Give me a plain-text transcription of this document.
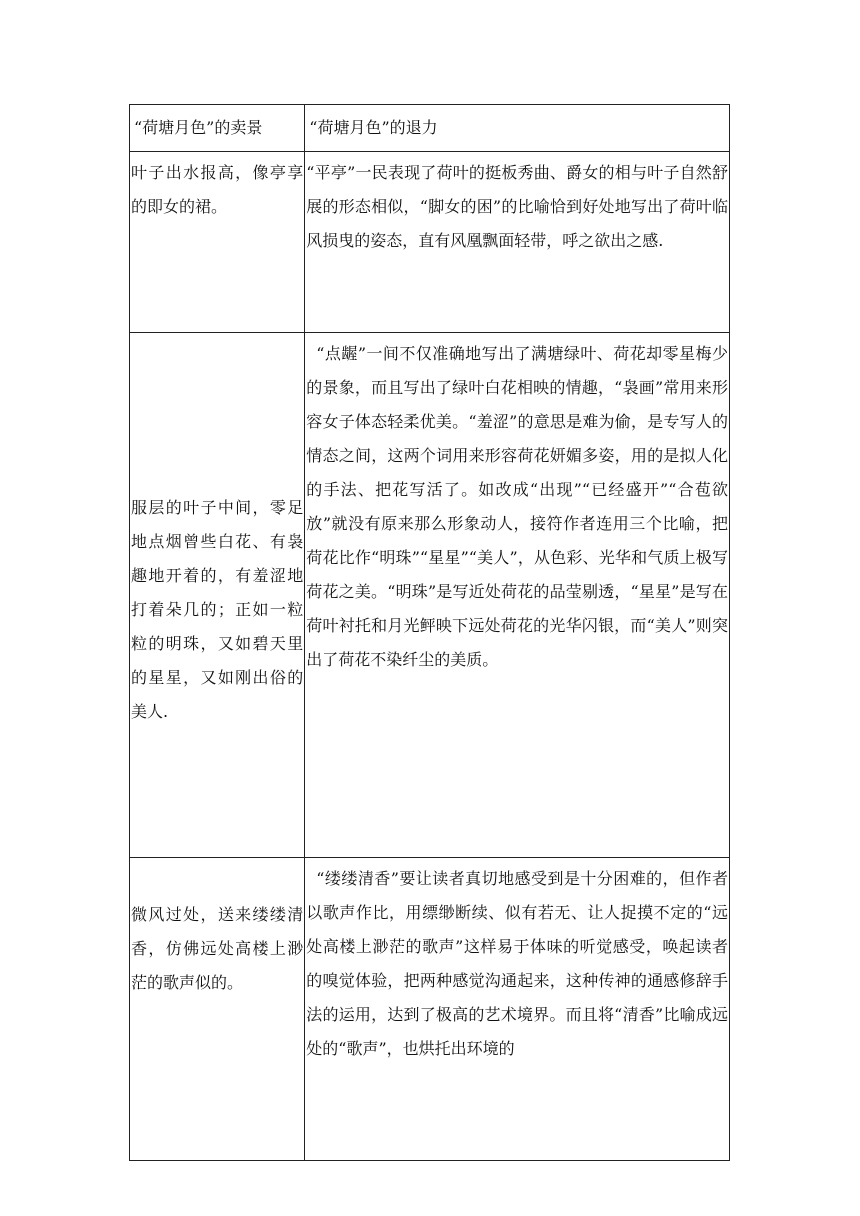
“荷塘月色”的卖景	“荷塘月色”的退力

叶子出水报高，像亭享的即女的裙。	“平亭”一民表现了荷叶的挺板秀曲、爵女的相与叶子自然舒展的形态相似，“脚女的困”的比喻恰到好处地写出了荷叶临风损曳的姿态，直有风凰飘面轻带，呼之欲出之感.

服层的叶子中间，零足地点烟曾些白花、有袅趣地开着的，有羞涩地打着朵几的；正如一粒粒的明珠，又如碧天里的星星，又如刚出俗的美人.	“点龌”一间不仅准确地写出了满塘绿叶、荷花却零星梅少的景象，而且写出了绿叶白花相映的情趣，“袅画”常用来形容女子体态轻柔优美。“羞涩”的意思是难为偷，是专写人的情态之间，这两个词用来形容荷花妍媚多姿，用的是拟人化的手法、把花写活了。如改成“出现”“已经盛开”“合苞欲放”就没有原来那么形象动人，接符作者连用三个比喻，把荷花比作“明珠”“星星”“美人”，从色彩、光华和气质上极写荷花之美。“明珠”是写近处荷花的品莹剔透，“星星”是写在荷叶衬托和月光鲆映下远处荷花的光华闪银，而“美人”则突出了荷花不染纤尘的美质。

微风过处，送来缕缕清香，仿佛远处高楼上渺茫的歌声似的。	“缕缕清香”要让读者真切地感受到是十分困难的，但作者以歌声作比，用缥缈断续、似有若无、让人捉摸不定的“远处高楼上渺茫的歌声”这样易于体味的听觉感受，唤起读者的嗅觉体验，把两种感觉沟通起来，这种传神的通感修辞手法的运用，达到了极高的艺术境界。而且将“清香”比喻成远处的“歌声”，也烘托出环境的
